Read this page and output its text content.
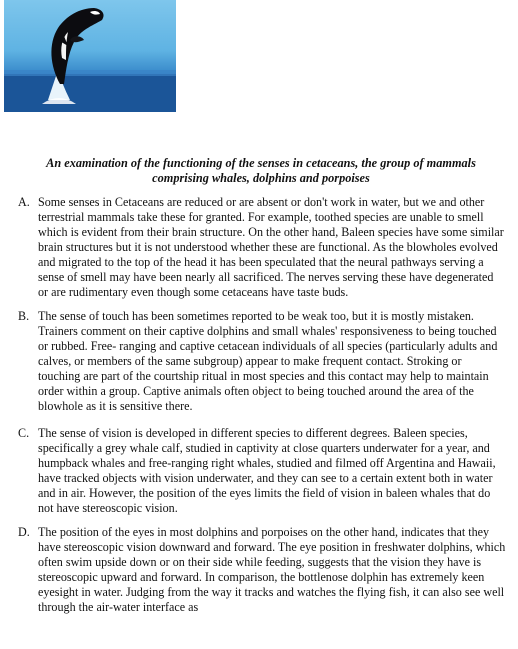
An examination of the functioning of the senses in cetaceans, the group of mammals comprising whales, dolphins and porpoises

A. Some senses in Cetaceans are reduced or are absent or don't work in water, but we and other terrestrial mammals take these for granted. For example, toothed species are unable to smell which is evident from their brain structure. On the other hand, Baleen species have some similar brain structures but it is not understood whether these are functional. As the blowholes evolved and migrated to the top of the head it has been speculated that the neural pathways serving a sense of smell may have been nearly all sacrificed. The nerves serving these have degenerated or are rudimentary even though some cetaceans have taste buds.
B. The sense of touch has been sometimes reported to be weak too, but it is mostly mistaken. Trainers comment on their captive dolphins and small whales' responsiveness to being touched or rubbed. Free- ranging and captive cetacean individuals of all species (particularly adults and calves, or members of the same subgroup) appear to make frequent contact. Stroking or touching are part of the courtship ritual in most species and this contact may help to maintain order within a group. Captive animals often object to being touched around the area of the blowhole as it is sensitive there.
C. The sense of vision is developed in different species to different degrees. Baleen species, specifically a grey whale calf, studied in captivity at close quarters underwater for a year, and humpback whales and free-ranging right whales, studied and filmed off Argentina and Hawaii, have tracked objects with vision underwater, and they can see to a certain extent both in water and in air. However, the position of the eyes limits the field of vision in baleen whales that do not have stereoscopic vision.
D. The position of the eyes in most dolphins and porpoises on the other hand, indicates that they have stereoscopic vision downward and forward. The eye position in freshwater dolphins, which often swim upside down or on their side while feeding, suggests that the vision they have is stereoscopic upward and forward. In comparison, the bottlenose dolphin has extremely keen eyesight in water. Judging from the way it tracks and watches the flying fish, it can also see well through the air-water interface as
